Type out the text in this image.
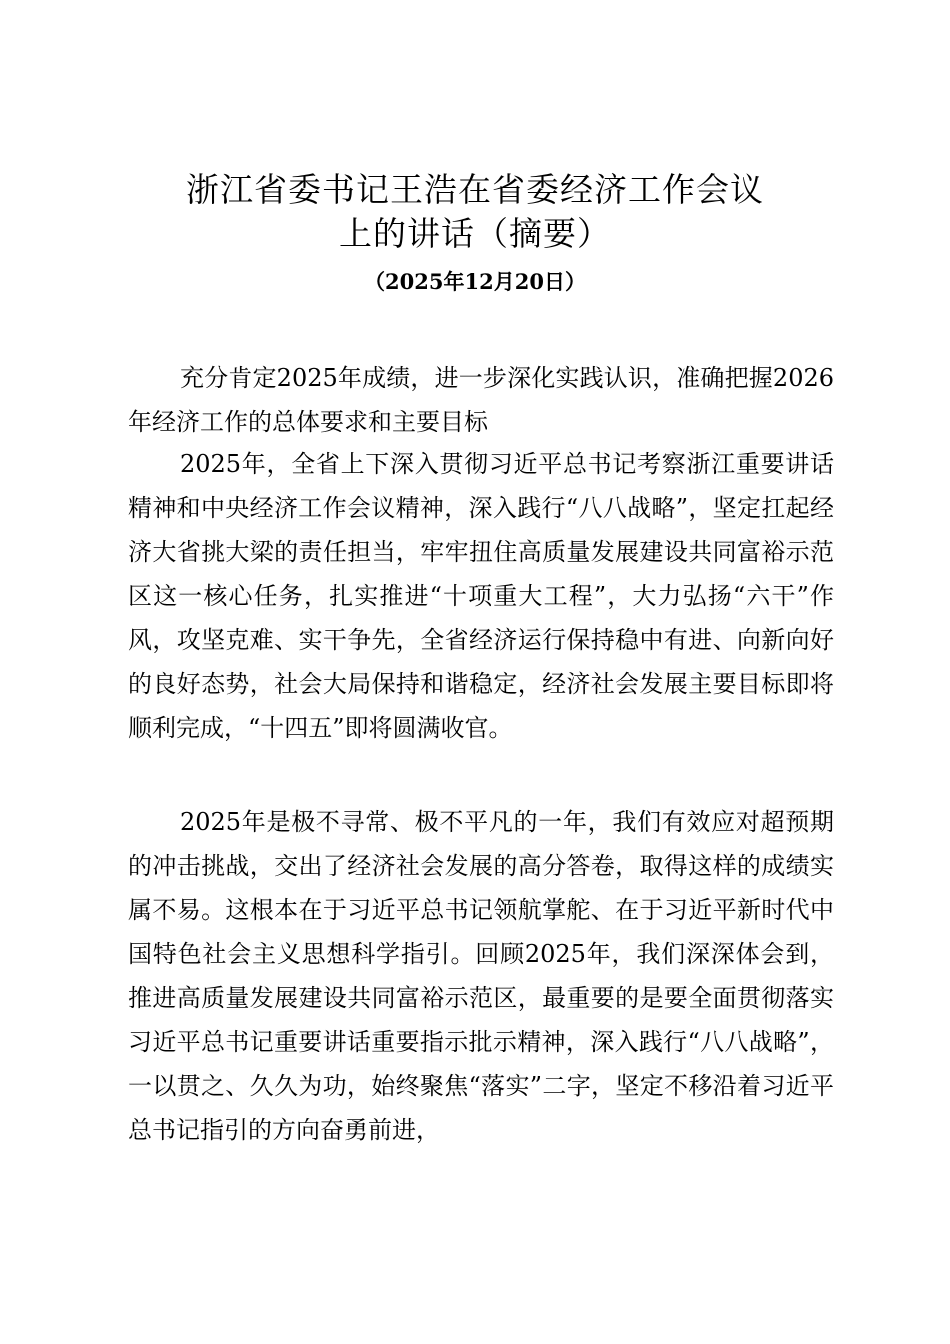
浙江省委书记王浩在省委经济工作会议
上的讲话（摘要）
（2025年12月20日）
充分肯定2025年成绩，进一步深化实践认识，准确把握2026年经济工作的总体要求和主要目标
2025年，全省上下深入贯彻习近平总书记考察浙江重要讲话精神和中央经济工作会议精神，深入践行“八八战略”，坚定扛起经济大省挑大梁的责任担当，牢牢扭住高质量发展建设共同富裕示范区这一核心任务，扎实推进“十项重大工程”，大力弘扬“六干”作风，攻坚克难、实干争先，全省经济运行保持稳中有进、向新向好的良好态势，社会大局保持和谐稳定，经济社会发展主要目标即将顺利完成，“十四五”即将圆满收官。
2025年是极不寻常、极不平凡的一年，我们有效应对超预期的冲击挑战，交出了经济社会发展的高分答卷，取得这样的成绩实属不易。这根本在于习近平总书记领航掌舵、在于习近平新时代中国特色社会主义思想科学指引。回顾2025年，我们深深体会到，推进高质量发展建设共同富裕示范区，最重要的是要全面贯彻落实习近平总书记重要讲话重要指示批示精神，深入践行“八八战略”，一以贯之、久久为功，始终聚焦“落实”二字，坚定不移沿着习近平总书记指引的方向奋勇前进，
